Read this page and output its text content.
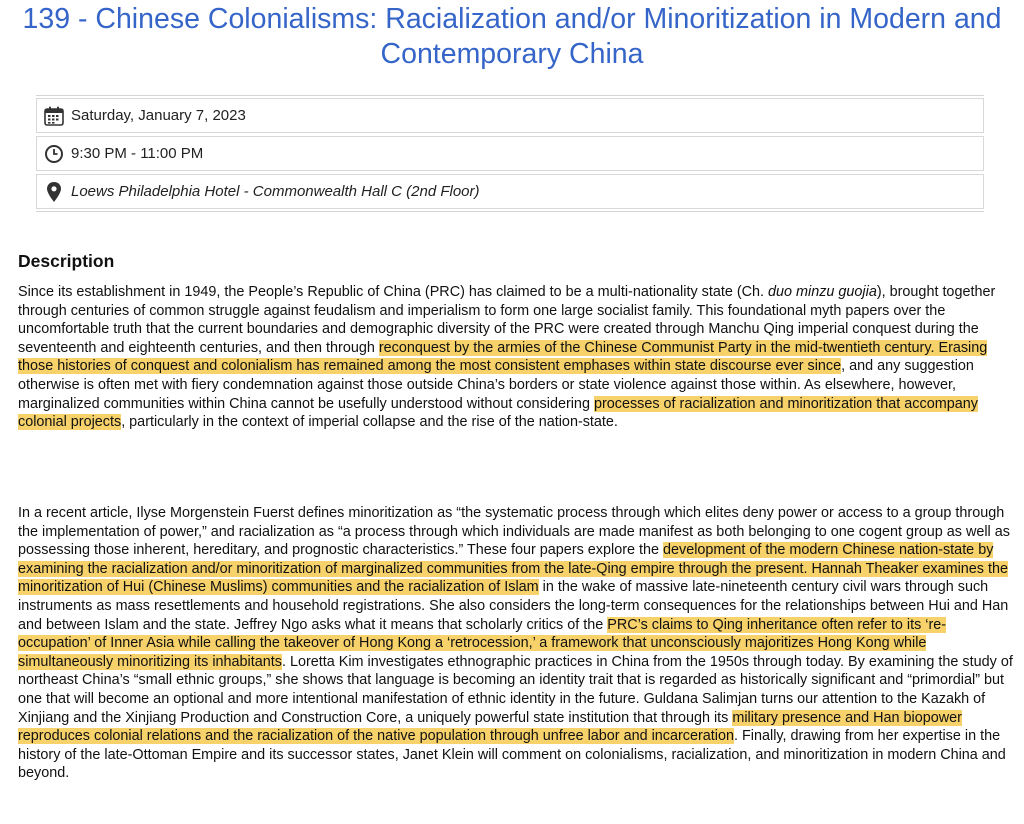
139 - Chinese Colonialisms: Racialization and/or Minoritization in Modern and Contemporary China
Saturday, January 7, 2023
9:30 PM - 11:00 PM
Loews Philadelphia Hotel - Commonwealth Hall C (2nd Floor)
Description
Since its establishment in 1949, the People’s Republic of China (PRC) has claimed to be a multi-nationality state (Ch. duo minzu guojia), brought together through centuries of common struggle against feudalism and imperialism to form one large socialist family. This foundational myth papers over the uncomfortable truth that the current boundaries and demographic diversity of the PRC were created through Manchu Qing imperial conquest during the seventeenth and eighteenth centuries, and then through reconquest by the armies of the Chinese Communist Party in the mid-twentieth century. Erasing those histories of conquest and colonialism has remained among the most consistent emphases within state discourse ever since, and any suggestion otherwise is often met with fiery condemnation against those outside China’s borders or state violence against those within. As elsewhere, however, marginalized communities within China cannot be usefully understood without considering processes of racialization and minoritization that accompany colonial projects, particularly in the context of imperial collapse and the rise of the nation-state.
In a recent article, Ilyse Morgenstein Fuerst defines minoritization as “the systematic process through which elites deny power or access to a group through the implementation of power,” and racialization as “a process through which individuals are made manifest as both belonging to one cogent group as well as possessing those inherent, hereditary, and prognostic characteristics.” These four papers explore the development of the modern Chinese nation-state by examining the racialization and/or minoritization of marginalized communities from the late-Qing empire through the present. Hannah Theaker examines the minoritization of Hui (Chinese Muslims) communities and the racialization of Islam in the wake of massive late-nineteenth century civil wars through such instruments as mass resettlements and household registrations. She also considers the long-term consequences for the relationships between Hui and Han and between Islam and the state. Jeffrey Ngo asks what it means that scholarly critics of the PRC’s claims to Qing inheritance often refer to its ‘re-occupation’ of Inner Asia while calling the takeover of Hong Kong a ‘retrocession,’ a framework that unconsciously majoritizes Hong Kong while simultaneously minoritizing its inhabitants. Loretta Kim investigates ethnographic practices in China from the 1950s through today. By examining the study of northeast China’s “small ethnic groups,” she shows that language is becoming an identity trait that is regarded as historically significant and “primordial” but one that will become an optional and more intentional manifestation of ethnic identity in the future. Guldana Salimjan turns our attention to the Kazakh of Xinjiang and the Xinjiang Production and Construction Core, a uniquely powerful state institution that through its military presence and Han biopower reproduces colonial relations and the racialization of the native population through unfree labor and incarceration. Finally, drawing from her expertise in the history of the late-Ottoman Empire and its successor states, Janet Klein will comment on colonialisms, racialization, and minoritization in modern China and beyond.
